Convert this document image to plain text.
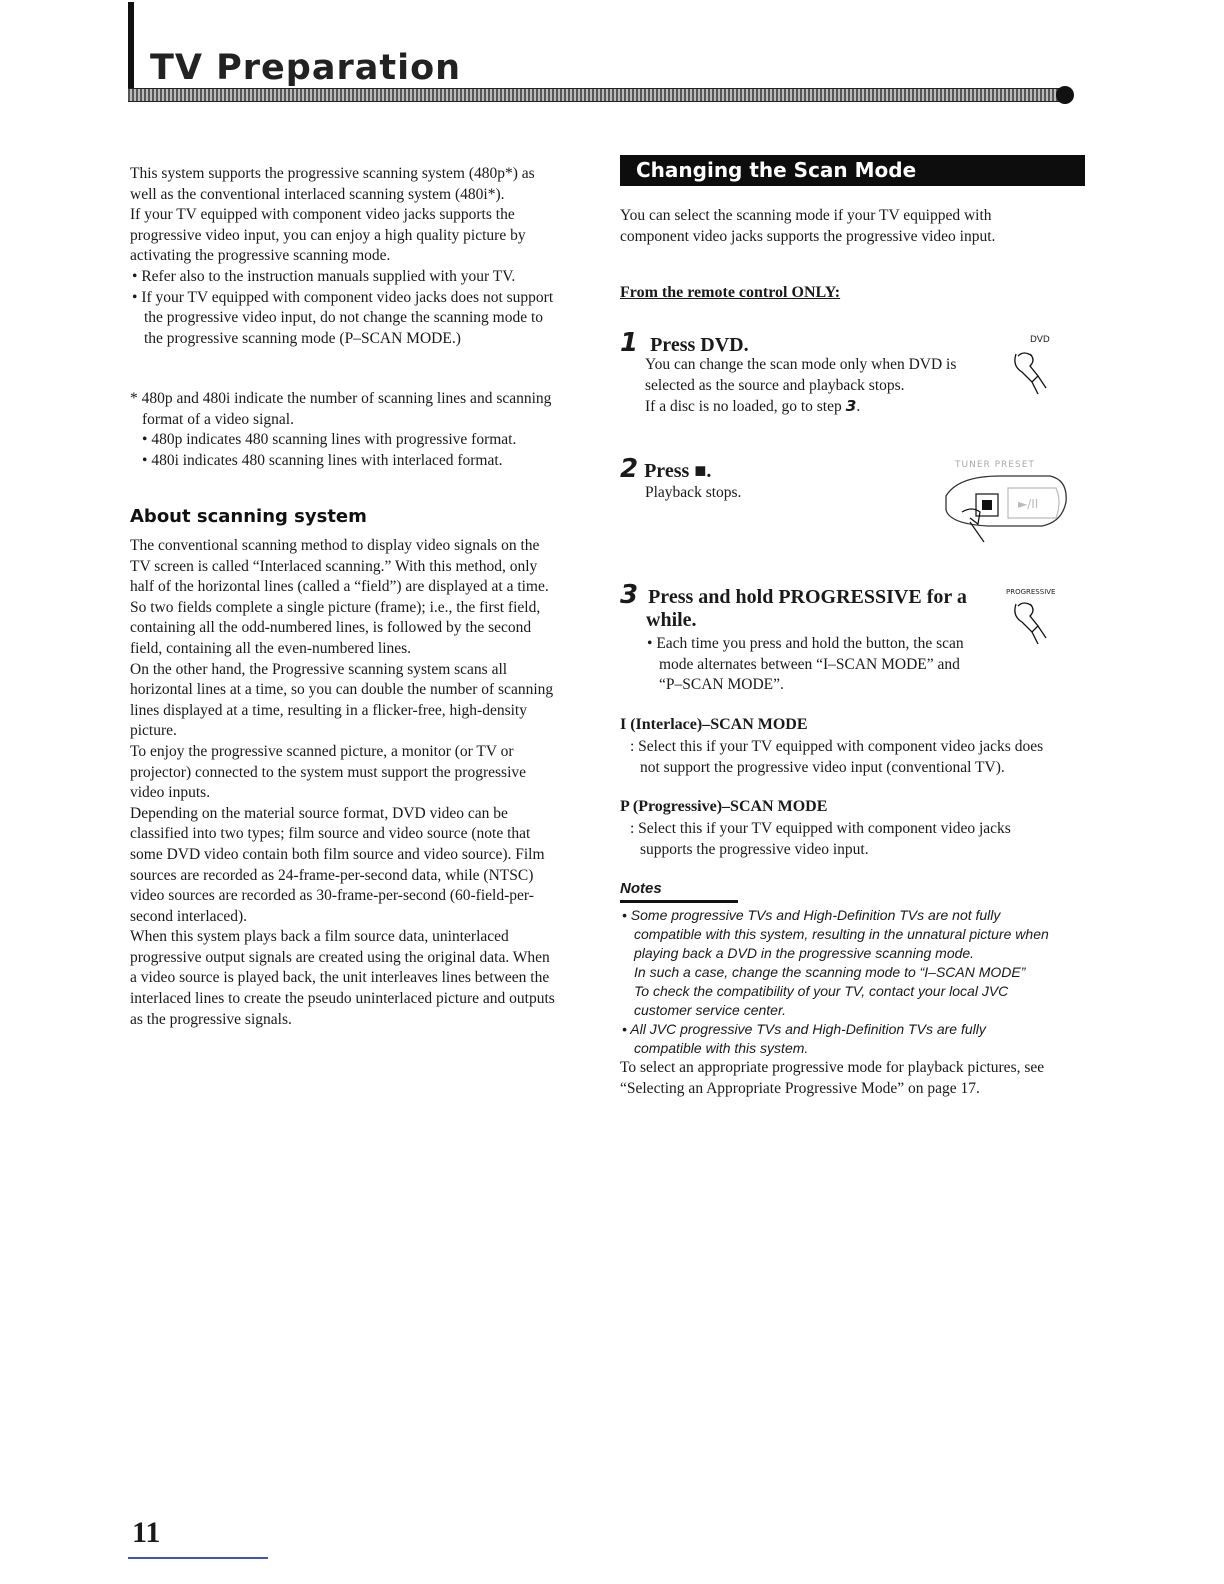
TV Preparation

This system supports the progressive scanning system (480p*) as

well as the conventional interlaced scanning system (480i*).

If your TV equipped with component video jacks supports the

progressive video input, you can enjoy a high quality picture by

activating the progressive scanning mode.

• Refer also to the instruction manuals supplied with your TV.

• If your TV equipped with component video jacks does not support

the progressive video input, do not change the scanning mode to

the progressive scanning mode (P–SCAN MODE.)

* 480p and 480i indicate the number of scanning lines and scanning

format of a video signal.

• 480p indicates 480 scanning lines with progressive format.

• 480i indicates 480 scanning lines with interlaced format.

About scanning system

The conventional scanning method to display video signals on the

TV screen is called “Interlaced scanning.” With this method, only

half of the horizontal lines (called a “field”) are displayed at a time.

So two fields complete a single picture (frame); i.e., the first field,

containing all the odd-numbered lines, is followed by the second

field, containing all the even-numbered lines.

On the other hand, the Progressive scanning system scans all

horizontal lines at a time, so you can double the number of scanning

lines displayed at a time, resulting in a flicker-free, high-density

picture.

To enjoy the progressive scanned picture, a monitor (or TV or

projector) connected to the system must support the progressive

video inputs.

Depending on the material source format, DVD video can be

classified into two types; film source and video source (note that

some DVD video contain both film source and video source). Film

sources are recorded as 24-frame-per-second data, while (NTSC)

video sources are recorded as 30-frame-per-second (60-field-per-

second interlaced).

When this system plays back a film source data, uninterlaced

progressive output signals are created using the original data. When

a video source is played back, the unit interleaves lines between the

interlaced lines to create the pseudo uninterlaced picture and outputs

as the progressive signals.

Changing the Scan Mode

You can select the scanning mode if your TV equipped with

component video jacks supports the progressive video input.

From the remote control ONLY:
1 Press DVD.

You can change the scan mode only when DVD is

selected as the source and playback stops.

If a disc is no loaded, go to step 3.

DVD
2 Press ■.
Playback stops.
TUNER PRESET
►/II
3 Press and hold PROGRESSIVE for a
while.

• Each time you press and hold the button, the scan

mode alternates between “I–SCAN MODE” and

“P–SCAN MODE”.

PROGRESSIVE
I (Interlace)–SCAN MODE

: Select this if your TV equipped with component video jacks does

not support the progressive video input (conventional TV).

P (Progressive)–SCAN MODE

: Select this if your TV equipped with component video jacks

supports the progressive video input.

Notes

• Some progressive TVs and High-Definition TVs are not fully

compatible with this system, resulting in the unnatural picture when

playing back a DVD in the progressive scanning mode.

In such a case, change the scanning mode to “I–SCAN MODE”

To check the compatibility of your TV, contact your local JVC

customer service center.

• All JVC progressive TVs and High-Definition TVs are fully

compatible with this system.

To select an appropriate progressive mode for playback pictures, see

“Selecting an Appropriate Progressive Mode” on page 17.

11
